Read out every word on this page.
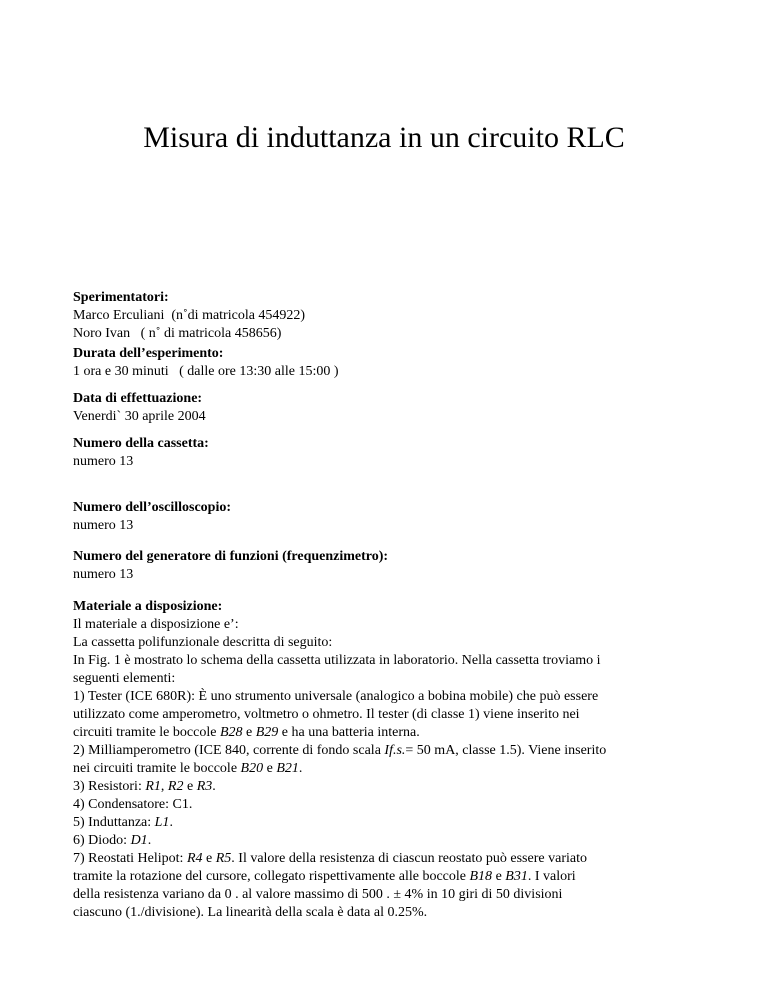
Misura di induttanza in un circuito RLC
Sperimentatori:
Marco Erculiani  (n˚di matricola 454922)
Noro Ivan   ( n˚ di matricola 458656)
Durata dell’esperimento:
1 ora e 30 minuti   ( dalle ore 13:30 alle 15:00 )
Data di effettuazione:
Venerdi` 30 aprile 2004
Numero della cassetta:
numero 13
Numero dell’oscilloscopio:
numero 13
Numero del generatore di funzioni (frequenzimetro):
numero 13
Materiale a disposizione:
Il materiale a disposizione e’:
La cassetta polifunzionale descritta di seguito:
In Fig. 1 è mostrato lo schema della cassetta utilizzata in laboratorio. Nella cassetta troviamo i
seguenti elementi:
1) Tester (ICE 680R): È uno strumento universale (analogico a bobina mobile) che può essere
utilizzato come amperometro, voltmetro o ohmetro. Il tester (di classe 1) viene inserito nei
circuiti tramite le boccole B28 e B29 e ha una batteria interna.
2) Milliamperometro (ICE 840, corrente di fondo scala If.s.= 50 mA, classe 1.5). Viene inserito
nei circuiti tramite le boccole B20 e B21.
3) Resistori: R1, R2 e R3.
4) Condensatore: C1.
5) Induttanza: L1.
6) Diodo: D1.
7) Reostati Helipot: R4 e R5. Il valore della resistenza di ciascun reostato può essere variato
tramite la rotazione del cursore, collegato rispettivamente alle boccole B18 e B31. I valori
della resistenza variano da 0 . al valore massimo di 500 . ± 4% in 10 giri di 50 divisioni
ciascuno (1./divisione). La linearità della scala è data al 0.25%.
